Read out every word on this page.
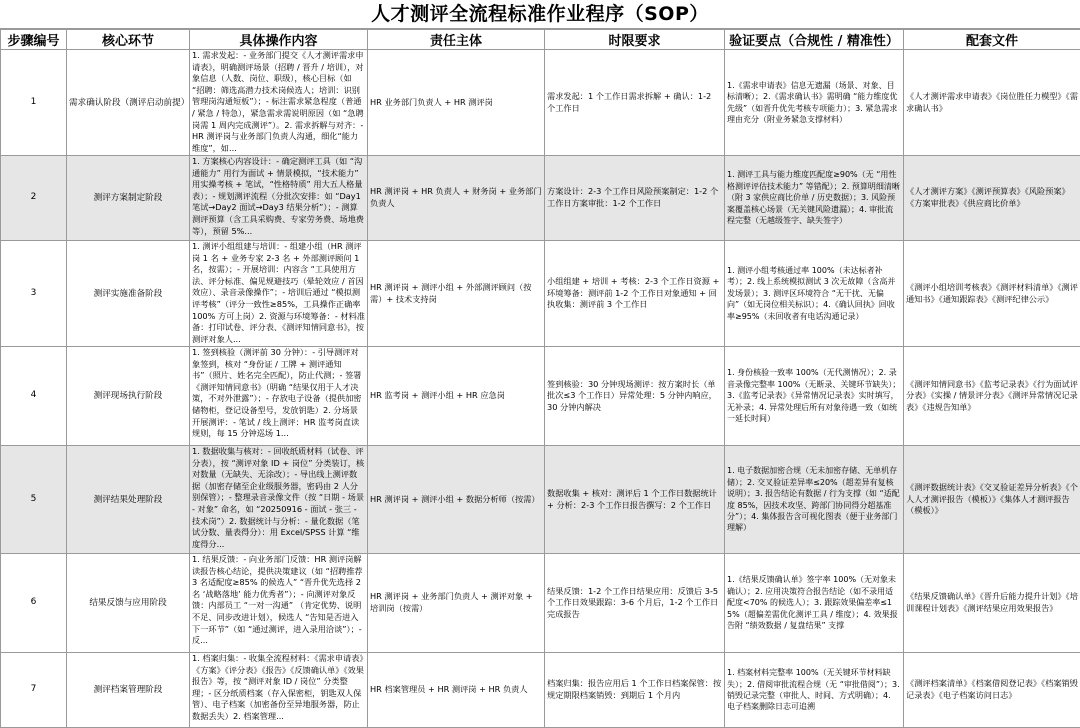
人才测评全流程标准作业程序（SOP）
步骤编号	核心环节	具体操作内容	责任主体	时限要求	验证要点（合规性 / 精准性）	配套文件
1	需求确认阶段（测评启动前提）	1. 需求发起：- 业务部门提交《人才测评需求申请表》，明确测评场景（招聘 / 晋升 / 培训），对象信息（人数、岗位、职级），核心目标（如 “招聘：筛选高潜力技术岗候选人；培训：识别管理岗沟通短板”）；- 标注需求紧急程度（普通 / 紧急 / 特急），紧急需求需说明原因（如 “急聘岗需 1 周内完成测评”）。2. 需求拆解与对齐：- HR 测评岗与业务部门负责人沟通，细化“能力维度”，如...	HR 业务部门负责人 + HR 测评岗	需求发起：1 个工作日需求拆解 + 确认：1-2 个工作日	1.《需求申请表》信息无遗漏（场景、对象、目标清晰）；2.《需求确认书》需明确 “能力维度优先级”（如晋升优先考核专项能力）；3. 紧急需求理由充分（附业务紧急支撑材料）	《人才测评需求申请表》《岗位胜任力模型》《需求确认书》
2	测评方案制定阶段	1. 方案核心内容设计：- 确定测评工具（如 “沟通能力” 用行为面试 + 情景模拟，“技术能力” 用实操考核 + 笔试，“性格特质” 用大五人格量表）；- 规划测评流程（分批次安排：如 “Day1 笔试→Day2 面试→Day3 结果分析”）；- 测算测评预算（含工具采购费、专家劳务费、场地费等），预留 5%...	HR 测评岗 + HR 负责人 + 财务岗 + 业务部门负责人	方案设计：2-3 个工作日风险预案制定：1-2 个工作日方案审批：1-2 个工作日	1. 测评工具与能力维度匹配度≥90%（无 “用性格测评评估技术能力” 等错配）；2. 预算明细清晰（附 3 家供应商比价单 / 历史数据）；3. 风险预案覆盖核心场景（无关键风险遗漏）；4. 审批流程完整（无越级签字、缺失签字）	《人才测评方案》《测评预算表》《风险预案》《方案审批表》《供应商比价单》
3	测评实施准备阶段	1. 测评小组组建与培训：- 组建小组（HR 测评岗 1 名 + 业务专家 2-3 名 + 外部测评顾问 1 名，按需）；- 开展培训：内容含 “工具使用方法、评分标准、偏见规避技巧（晕轮效应 / 首因效应）、录音录像操作”；- 培训后通过 “模拟测评考核”（评分一致性≥85%，工具操作正确率 100% 方可上岗）2. 资源与环境筹备：- 材料准备：打印试卷、评分表、《测评知情同意书》，按测评对象人...	HR 测评岗 + 测评小组 + 外部测评顾问（按需）+ 技术支持岗	小组组建 + 培训 + 考核：2-3 个工作日资源 + 环境筹备：测评前 1-2 个工作日对象通知 + 回执收集：测评前 3 个工作日	1. 测评小组考核通过率 100%（未达标者补考）；2. 线上系统模拟测试 3 次无故障（含高并发场景）；3. 测评区环境符合 “无干扰、无偏向”（如无岗位相关标识）；4.《确认回执》回收率≥95%（未回收者有电话沟通记录）	《测评小组培训考核表》《测评材料清单》《测评通知书》《通知跟踪表》《测评纪律公示》
4	测评现场执行阶段	1. 签到核验（测评前 30 分钟）：- 引导测评对象签到，核对 “身份证 / 工牌 + 测评通知书”（照片、姓名完全匹配），防止代测；- 签署《测评知情同意书》（明确 “结果仅用于人才决策，不对外泄露”）；- 存放电子设备（提供加密储物柜，登记设备型号，发放钥匙）2. 分场景开展测评：- 笔试 / 线上测评：HR 监考岗直读规则，每 15 分钟巡场 1...	HR 监考岗 + 测评小组 + HR 应急岗	签到核验：30 分钟现场测评：按方案时长（单批次≤3 个工作日）异常处理：5 分钟内响应，30 分钟内解决	1. 身份核验一致率 100%（无代测情况）；2. 录音录像完整率 100%（无断录、关键环节缺失）；3.《监考记录表》《异常情况记录表》实时填写，无补录；4. 异常处理后所有对象待遇一致（如统一延长时间）	《测评知情同意书》《监考记录表》《行为面试评分表》《实操 / 情景评分表》《测评异常情况记录表》《违规告知单》
5	测评结果处理阶段	1. 数据收集与核对：- 回收纸质材料（试卷、评分表），按 “测评对象 ID + 岗位” 分类装订，核对数量（无缺失、无涂改）；- 导出线上测评数据（加密存储至企业级服务器，密码由 2 人分别保管）；- 整理录音录像文件（按 “日期 - 场景 - 对象” 命名，如 “20250916 - 面试 - 张三 - 技术岗”）2. 数据统计与分析：- 量化数据（笔试分数、量表得分）：用 Excel/SPSS 计算 “维度得分...	HR 测评岗 + 测评小组 + 数据分析师（按需）	数据收集 + 核对：测评后 1 个工作日数据统计 + 分析：2-3 个工作日报告撰写：2 个工作日	1. 电子数据加密合规（无未加密存储、无单机存储）；2. 交叉验证差异率≤20%（超差异有复核说明）；3. 报告结论有数据 / 行为支撑（如 “适配度 85%，因技术攻坚、跨部门协同得分超基准分”）；4. 集体报告含可视化图表（便于业务部门理解）	《测评数据统计表》《交叉验证差异分析表》《个人人才测评报告（模板）》《集体人才测评报告（模板）》
6	结果反馈与应用阶段	1. 结果反馈：- 向业务部门反馈：HR 测评岗解读报告核心结论，提供决策建议（如 “招聘推荐 3 名适配度≥85% 的候选人” “晋升优先选择 2 名 ‘战略落地’ 能力优秀者”）；- 向测评对象反馈：内部员工 “一对一沟通” （肯定优势、说明不足、同步改进计划），候选人 “告知是否进入下一环节”（如 “通过测评，进入录用洽谈”）；- 反...	HR 测评岗 + 业务部门负责人 + 测评对象 + 培训岗（按需）	结果反馈：1-2 个工作日结果应用：反馈后 3-5 个工作日效果跟踪：3-6 个月后，1-2 个工作日完成报告	1.《结果反馈确认单》签字率 100%（无对象未确认）；2. 应用决策符合报告结论（如不录用适配度<70% 的候选人）；3. 跟踪效果偏差率≤15%（超偏差需优化测评工具 / 维度）；4. 效果报告附 “绩效数据 / 复盘结果” 支撑	《结果反馈确认单》《晋升后能力提升计划》《培训课程计划表》《测评结果应用效果报告》
7	测评档案管理阶段	1. 档案归集：- 收集全流程材料：《需求申请表》《方案》《评分表》《报告》《反馈确认单》《效果报告》等，按 “测评对象 ID / 岗位” 分类整理；- 区分纸质档案（存入保密柜，钥匙双人保管）、电子档案（加密备份至异地服务器，防止数据丢失）2. 档案管理...	HR 档案管理员 + HR 测评岗 + HR 负责人	档案归集：报告应用后 1 个工作日档案保管：按规定期限档案销毁：到期后 1 个月内	1. 档案材料完整率 100%（无关键环节材料缺失）；2. 借阅审批流程合规（无 “审批借阅”）；3. 销毁记录完整（审批人、时间、方式明确）；4. 电子档案删除日志可追溯	《测评档案清单》《档案借阅登记表》《档案销毁记录表》《电子档案访问日志》
